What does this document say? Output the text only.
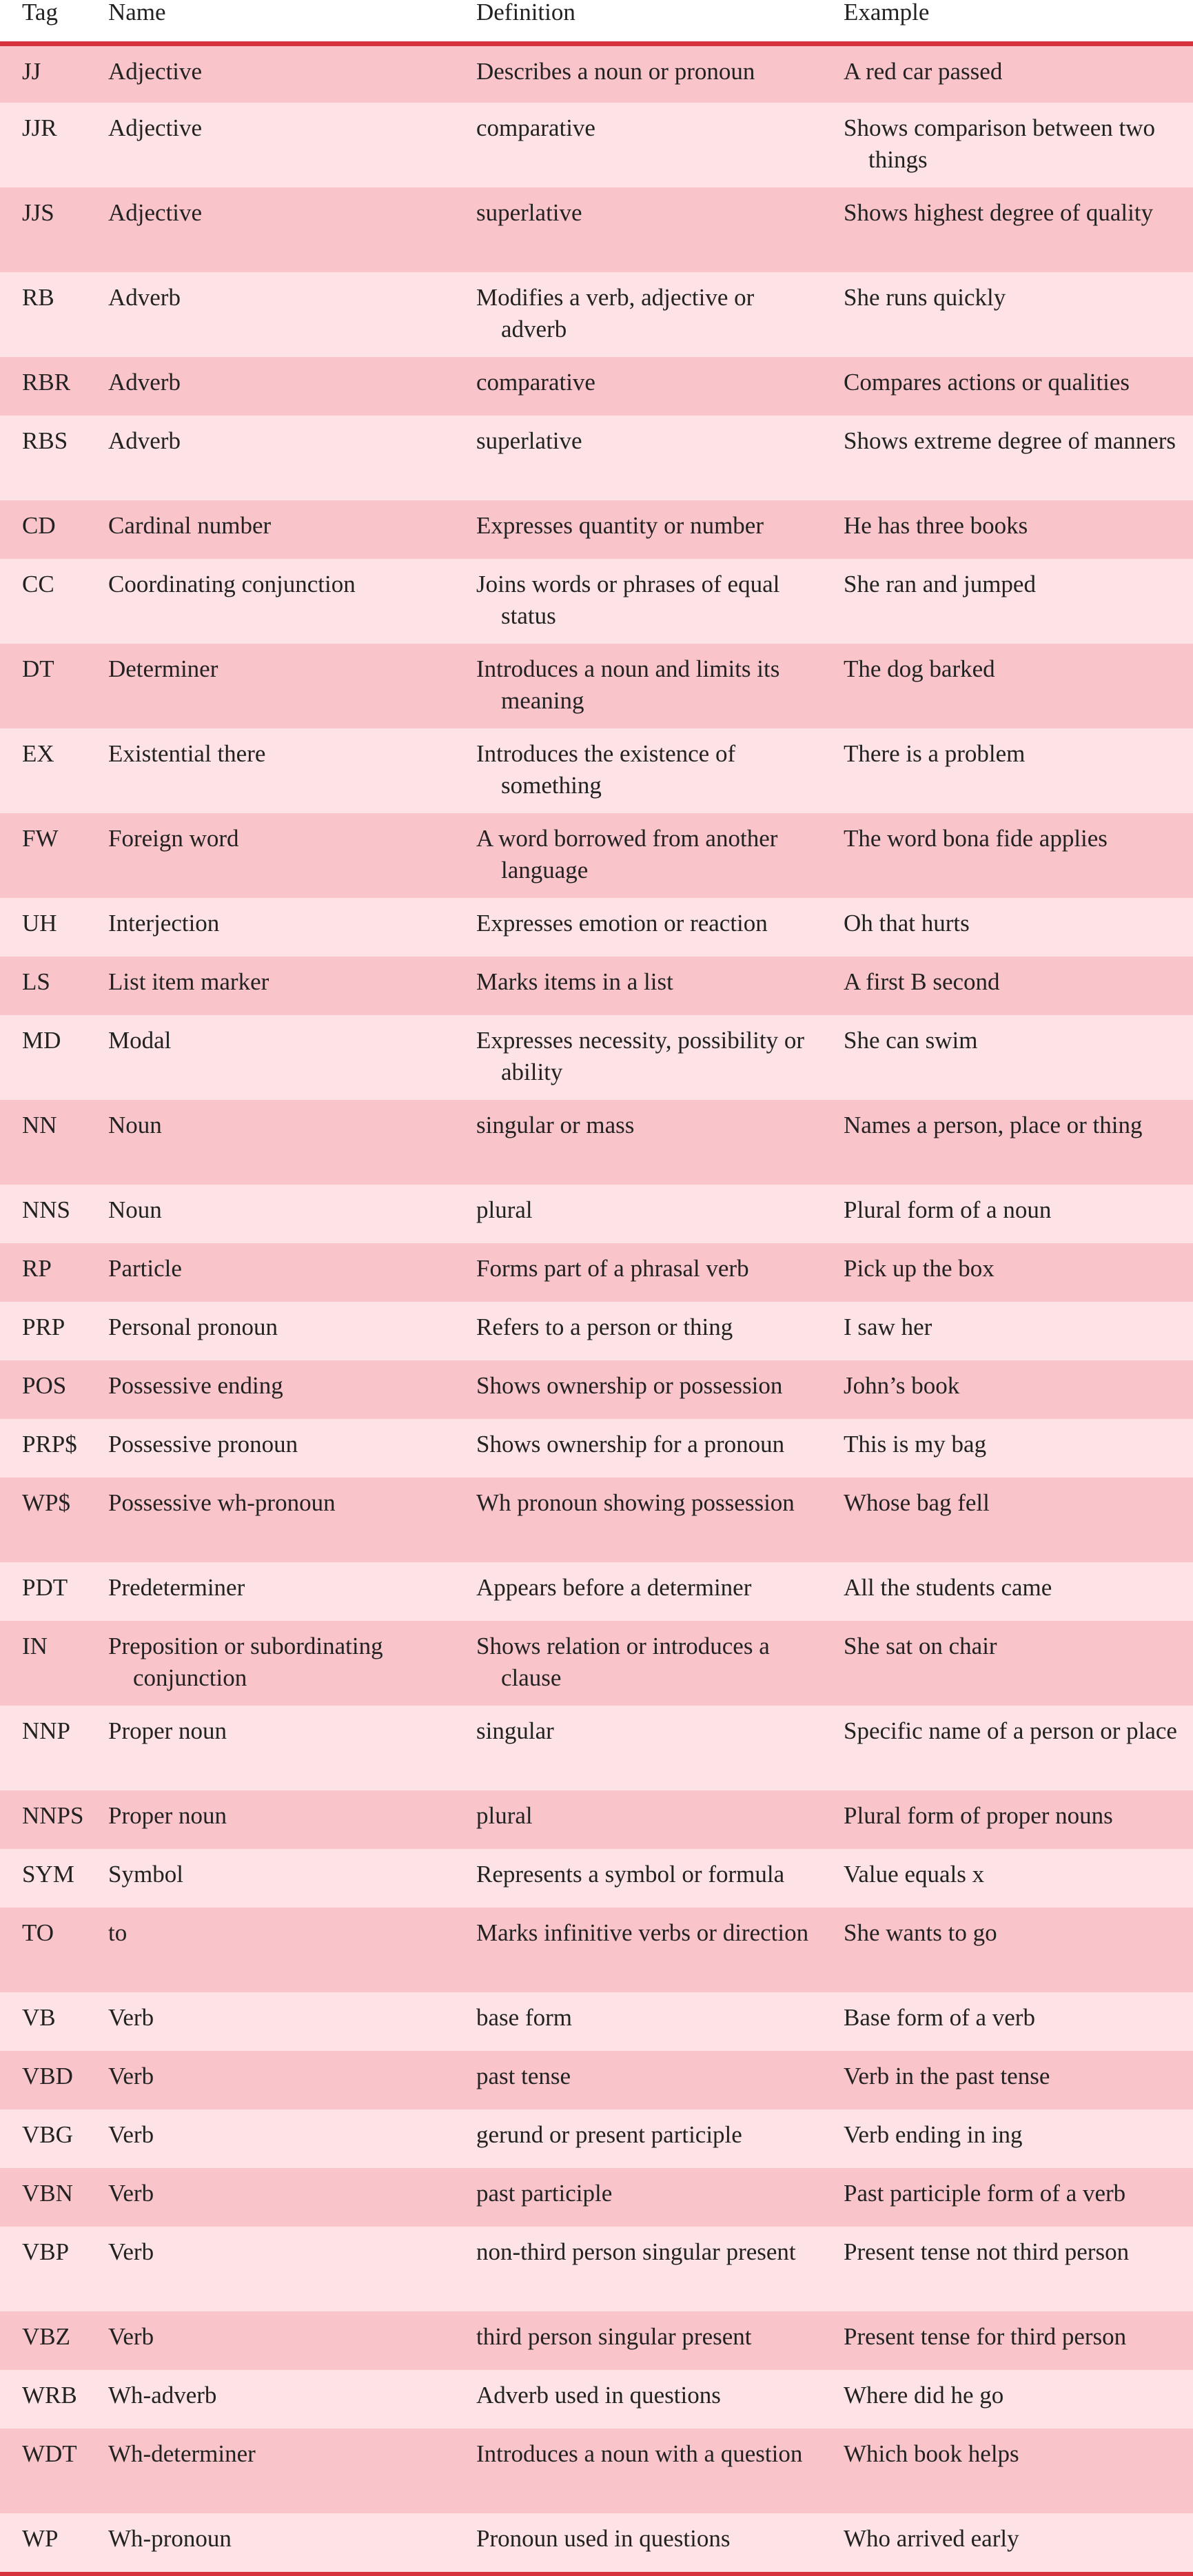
Tag	Name	Definition	Example

JJ	Adjective	Describes a noun or pronoun	A red car passed

JJR	Adjective	comparative	Shows comparison between two things

JJS	Adjective	superlative	Shows highest degree of quality

RB	Adverb	Modifies a verb, adjective or adverb	She runs quickly

RBR	Adverb	comparative	Compares actions or qualities

RBS	Adverb	superlative	Shows extreme degree of manners

CD	Cardinal number	Expresses quantity or number	He has three books

CC	Coordinating conjunction	Joins words or phrases of equal status	She ran and jumped

DT	Determiner	Introduces a noun and limits its meaning	The dog barked

EX	Existential there	Introduces the existence of something	There is a problem

FW	Foreign word	A word borrowed from another language	The word bona fide applies

UH	Interjection	Expresses emotion or reaction	Oh that hurts

LS	List item marker	Marks items in a list	A first B second

MD	Modal	Expresses necessity, possibility or ability	She can swim

NN	Noun	singular or mass	Names a person, place or thing

NNS	Noun	plural	Plural form of a noun

RP	Particle	Forms part of a phrasal verb	Pick up the box

PRP	Personal pronoun	Refers to a person or thing	I saw her

POS	Possessive ending	Shows ownership or possession	John’s book

PRP$	Possessive pronoun	Shows ownership for a pronoun	This is my bag

WP$	Possessive wh-pronoun	Wh pronoun showing possession	Whose bag fell

PDT	Predeterminer	Appears before a determiner	All the students came

IN	Preposition or subordinating conjunction	Shows relation or introduces a clause	She sat on chair

NNP	Proper noun	singular	Specific name of a person or place

NNPS	Proper noun	plural	Plural form of proper nouns

SYM	Symbol	Represents a symbol or formula	Value equals x

TO	to	Marks infinitive verbs or direction	She wants to go

VB	Verb	base form	Base form of a verb

VBD	Verb	past tense	Verb in the past tense

VBG	Verb	gerund or present participle	Verb ending in ing

VBN	Verb	past participle	Past participle form of a verb

VBP	Verb	non-third person singular present	Present tense not third person

VBZ	Verb	third person singular present	Present tense for third person

WRB	Wh-adverb	Adverb used in questions	Where did he go

WDT	Wh-determiner	Introduces a noun with a question	Which book helps

WP	Wh-pronoun	Pronoun used in questions	Who arrived early
